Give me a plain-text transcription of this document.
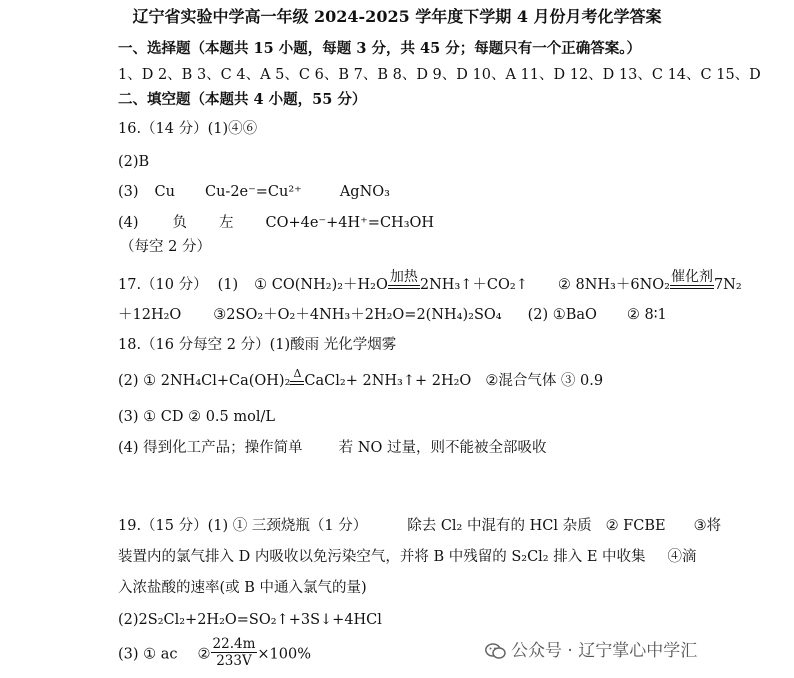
辽宁省实验中学高一年级 2024-2025 学年度下学期 4 月份月考化学答案
一、选择题（本题共 15 小题，每题 3 分，共 45 分；每题只有一个正确答案。）
1、D 2、B 3、C 4、A 5、C 6、B 7、B 8、D 9、D 10、A 11、D 12、D 13、C 14、C 15、D
二、填空题（本题共 4 小题，55 分）
16.（14 分）(1)④⑥
(2)B
(3) Cu Cu-2e⁻=Cu²⁺	AgNO₃
(4) 负 左 CO+4e⁻+4H⁺=CH₃OH
（每空 2 分）
17.（10 分） (1) ① CO(NH₂)₂＋H₂O 加热 2NH₃↑＋CO₂↑ ② 8NH₃＋6NO₂ 催化剂 7N₂
＋12H₂O ③2SO₂＋O₂＋4NH₃＋2H₂O=2(NH₄)₂SO₄ (2) ①BaO ② 8∶1
18.（16 分每空 2 分）(1)酸雨 光化学烟雾
(2) ① 2NH₄Cl+Ca(OH)₂ Δ CaCl₂+ 2NH₃↑+ 2H₂O ②混合气体 ③ 0.9
(3) ① CD ② 0.5 mol/L
(4) 得到化工产品；操作简单 若 NO 过量，则不能被全部吸收
19.（15 分）(1) ① 三颈烧瓶（1 分）	除去 Cl₂ 中混有的 HCl 杂质 ② FCBE ③将
装置内的氯气排入 D 内吸收以免污染空气，并将 B 中残留的 S₂Cl₂ 排入 E 中收集 ④滴
入浓盐酸的速率(或 B 中通入氯气的量)
(2)2S₂Cl₂+2H₂O=SO₂↑+3S↓+4HCl
(3) ① ac ② $\frac{22.4m}{233V} \times 100\%$	公众号 · 辽宁掌心中学汇
